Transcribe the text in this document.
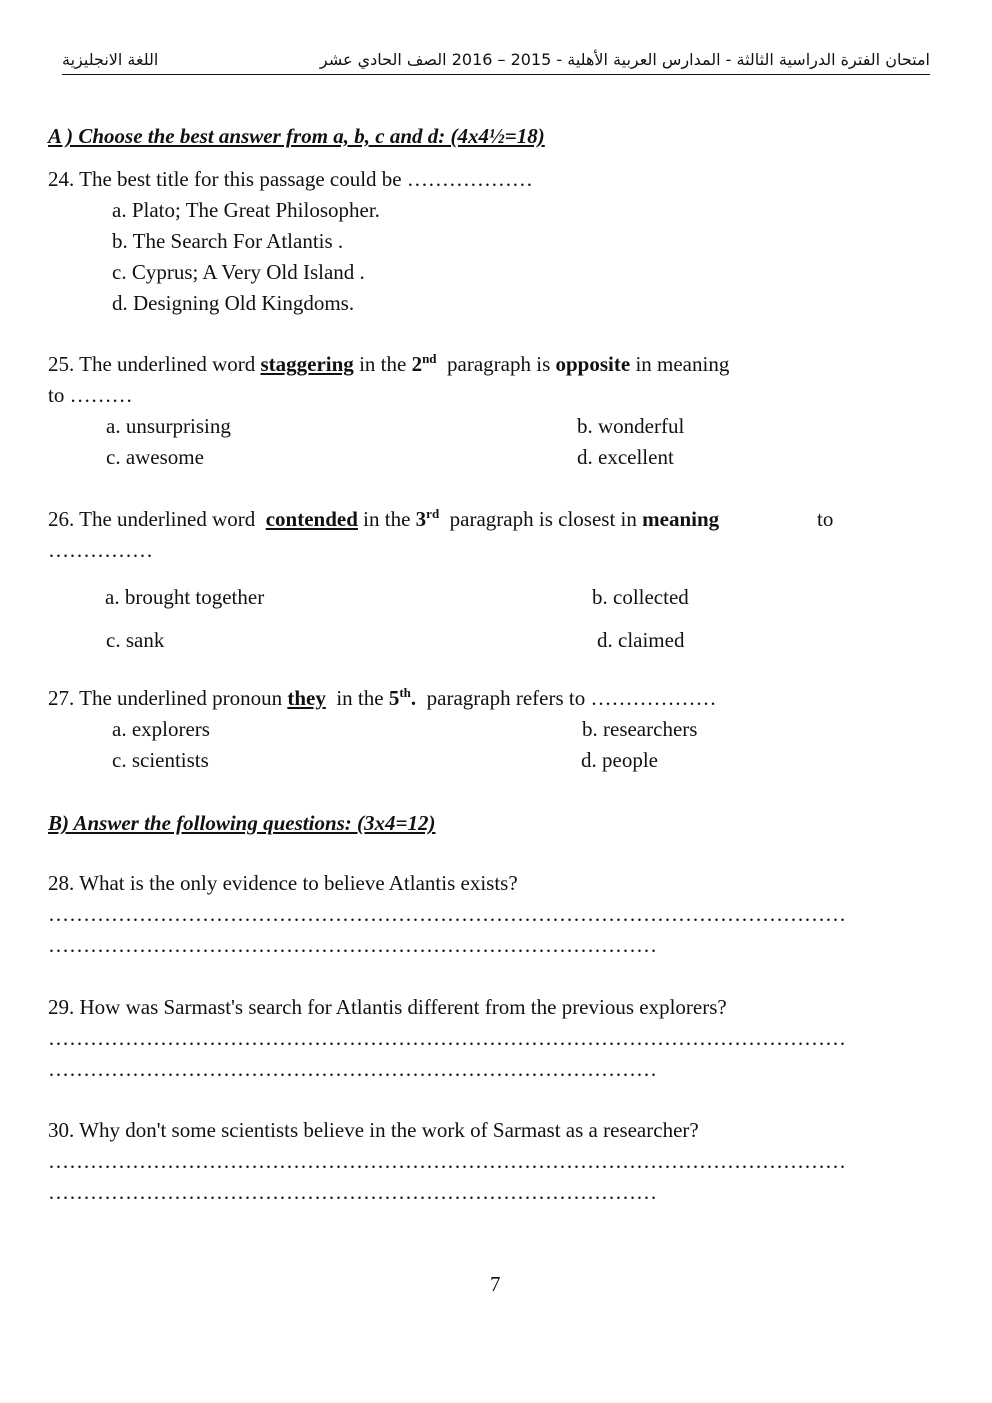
امتحان الفترة الدراسية الثالثة - المدارس العربية الأهلية - 2015 – 2016 الصف الحادي عشر
اللغة الانجليزية
A ) Choose the best answer from a, b, c and d: (4x4½=18)
24. The best title for this passage could be ………………
a. Plato; The Great Philosopher.
b. The Search For Atlantis .
c. Cyprus; A Very Old Island .
d. Designing Old Kingdoms.
25. The underlined word staggering in the 2nd paragraph is opposite in meaning
to ………
a. unsurprising	b. wonderful
c. awesome	d. excellent
26. The underlined word contended in the 3rd paragraph is closest in meaning	to
……………
a. brought together	b. collected
c. sank	d. claimed
27. The underlined pronoun they in the 5th. paragraph refers to ………………
a. explorers	b. researchers
c. scientists	d. people
B) Answer the following questions: (3x4=12)
28. What is the only evidence to believe Atlantis exists?
……………………………………………………………………………………………………
……………………………………………………………………………
29. How was Sarmast's search for Atlantis different from the previous explorers?
……………………………………………………………………………………………………
……………………………………………………………………………
30. Why don't some scientists believe in the work of Sarmast as a researcher?
……………………………………………………………………………………………………
……………………………………………………………………………
7
